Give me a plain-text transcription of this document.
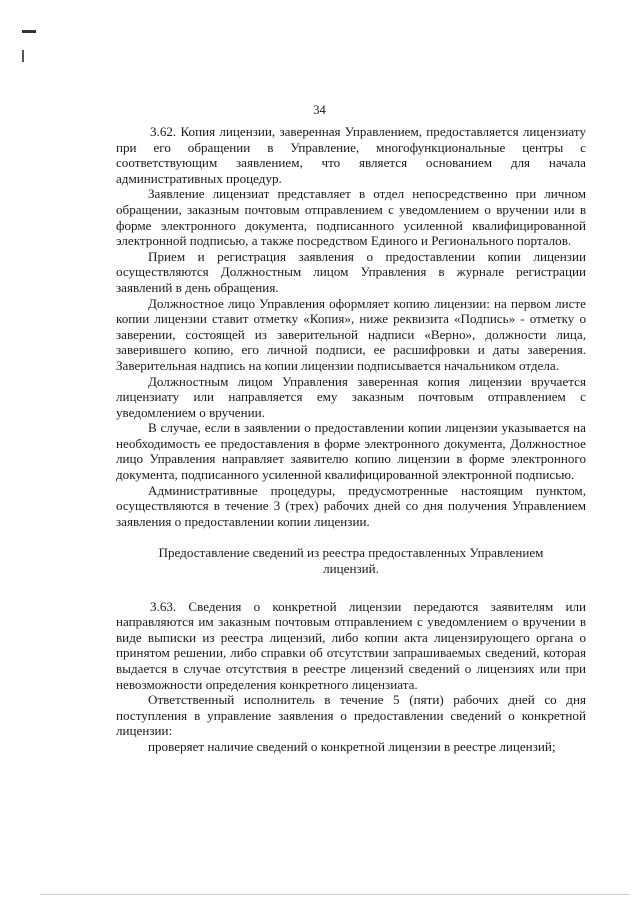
34

3.62. Копия лицензии, заверенная Управлением, предоставляется лицензиату при его обращении в Управление, многофункциональные центры с соответствующим заявлением, что является основанием для начала административных процедур.

Заявление лицензиат представляет в отдел непосредственно при личном обращении, заказным почтовым отправлением с уведомлением о вручении или в форме электронного документа, подписанного усиленной квалифицированной электронной подписью, а также посредством Единого и Регионального порталов.

Прием и регистрация заявления о предоставлении копии лицензии осуществляются Должностным лицом Управления в журнале регистрации заявлений в день обращения.

Должностное лицо Управления оформляет копию лицензии: на первом листе копии лицензии ставит отметку «Копия», ниже реквизита «Подпись» - отметку о заверении, состоящей из заверительной надписи «Верно», должности лица, заверившего копию, его личной подписи, ее расшифровки и даты заверения. Заверительная надпись на копии лицензии подписывается начальником отдела.

Должностным лицом Управления заверенная копия лицензии вручается лицензиату или направляется ему заказным почтовым отправлением с уведомлением о вручении.

В случае, если в заявлении о предоставлении копии лицензии указывается на необходимость ее предоставления в форме электронного документа, Должностное лицо Управления направляет заявителю копию лицензии в форме электронного документа, подписанного усиленной квалифицированной электронной подписью.

Административные процедуры, предусмотренные настоящим пунктом, осуществляются в течение 3 (трех) рабочих дней со дня получения Управлением заявления о предоставлении копии лицензии.

Предоставление сведений из реестра предоставленных Управлением
лицензий.

3.63. Сведения о конкретной лицензии передаются заявителям или направляются им заказным почтовым отправлением с уведомлением о вручении в виде выписки из реестра лицензий, либо копии акта лицензирующего органа о принятом решении, либо справки об отсутствии запрашиваемых сведений, которая выдается в случае отсутствия в реестре лицензий сведений о лицензиях или при невозможности определения конкретного лицензиата.

Ответственный исполнитель в течение 5 (пяти) рабочих дней со дня поступления в управление заявления о предоставлении сведений о конкретной лицензии:

проверяет наличие сведений о конкретной лицензии в реестре лицензий;
